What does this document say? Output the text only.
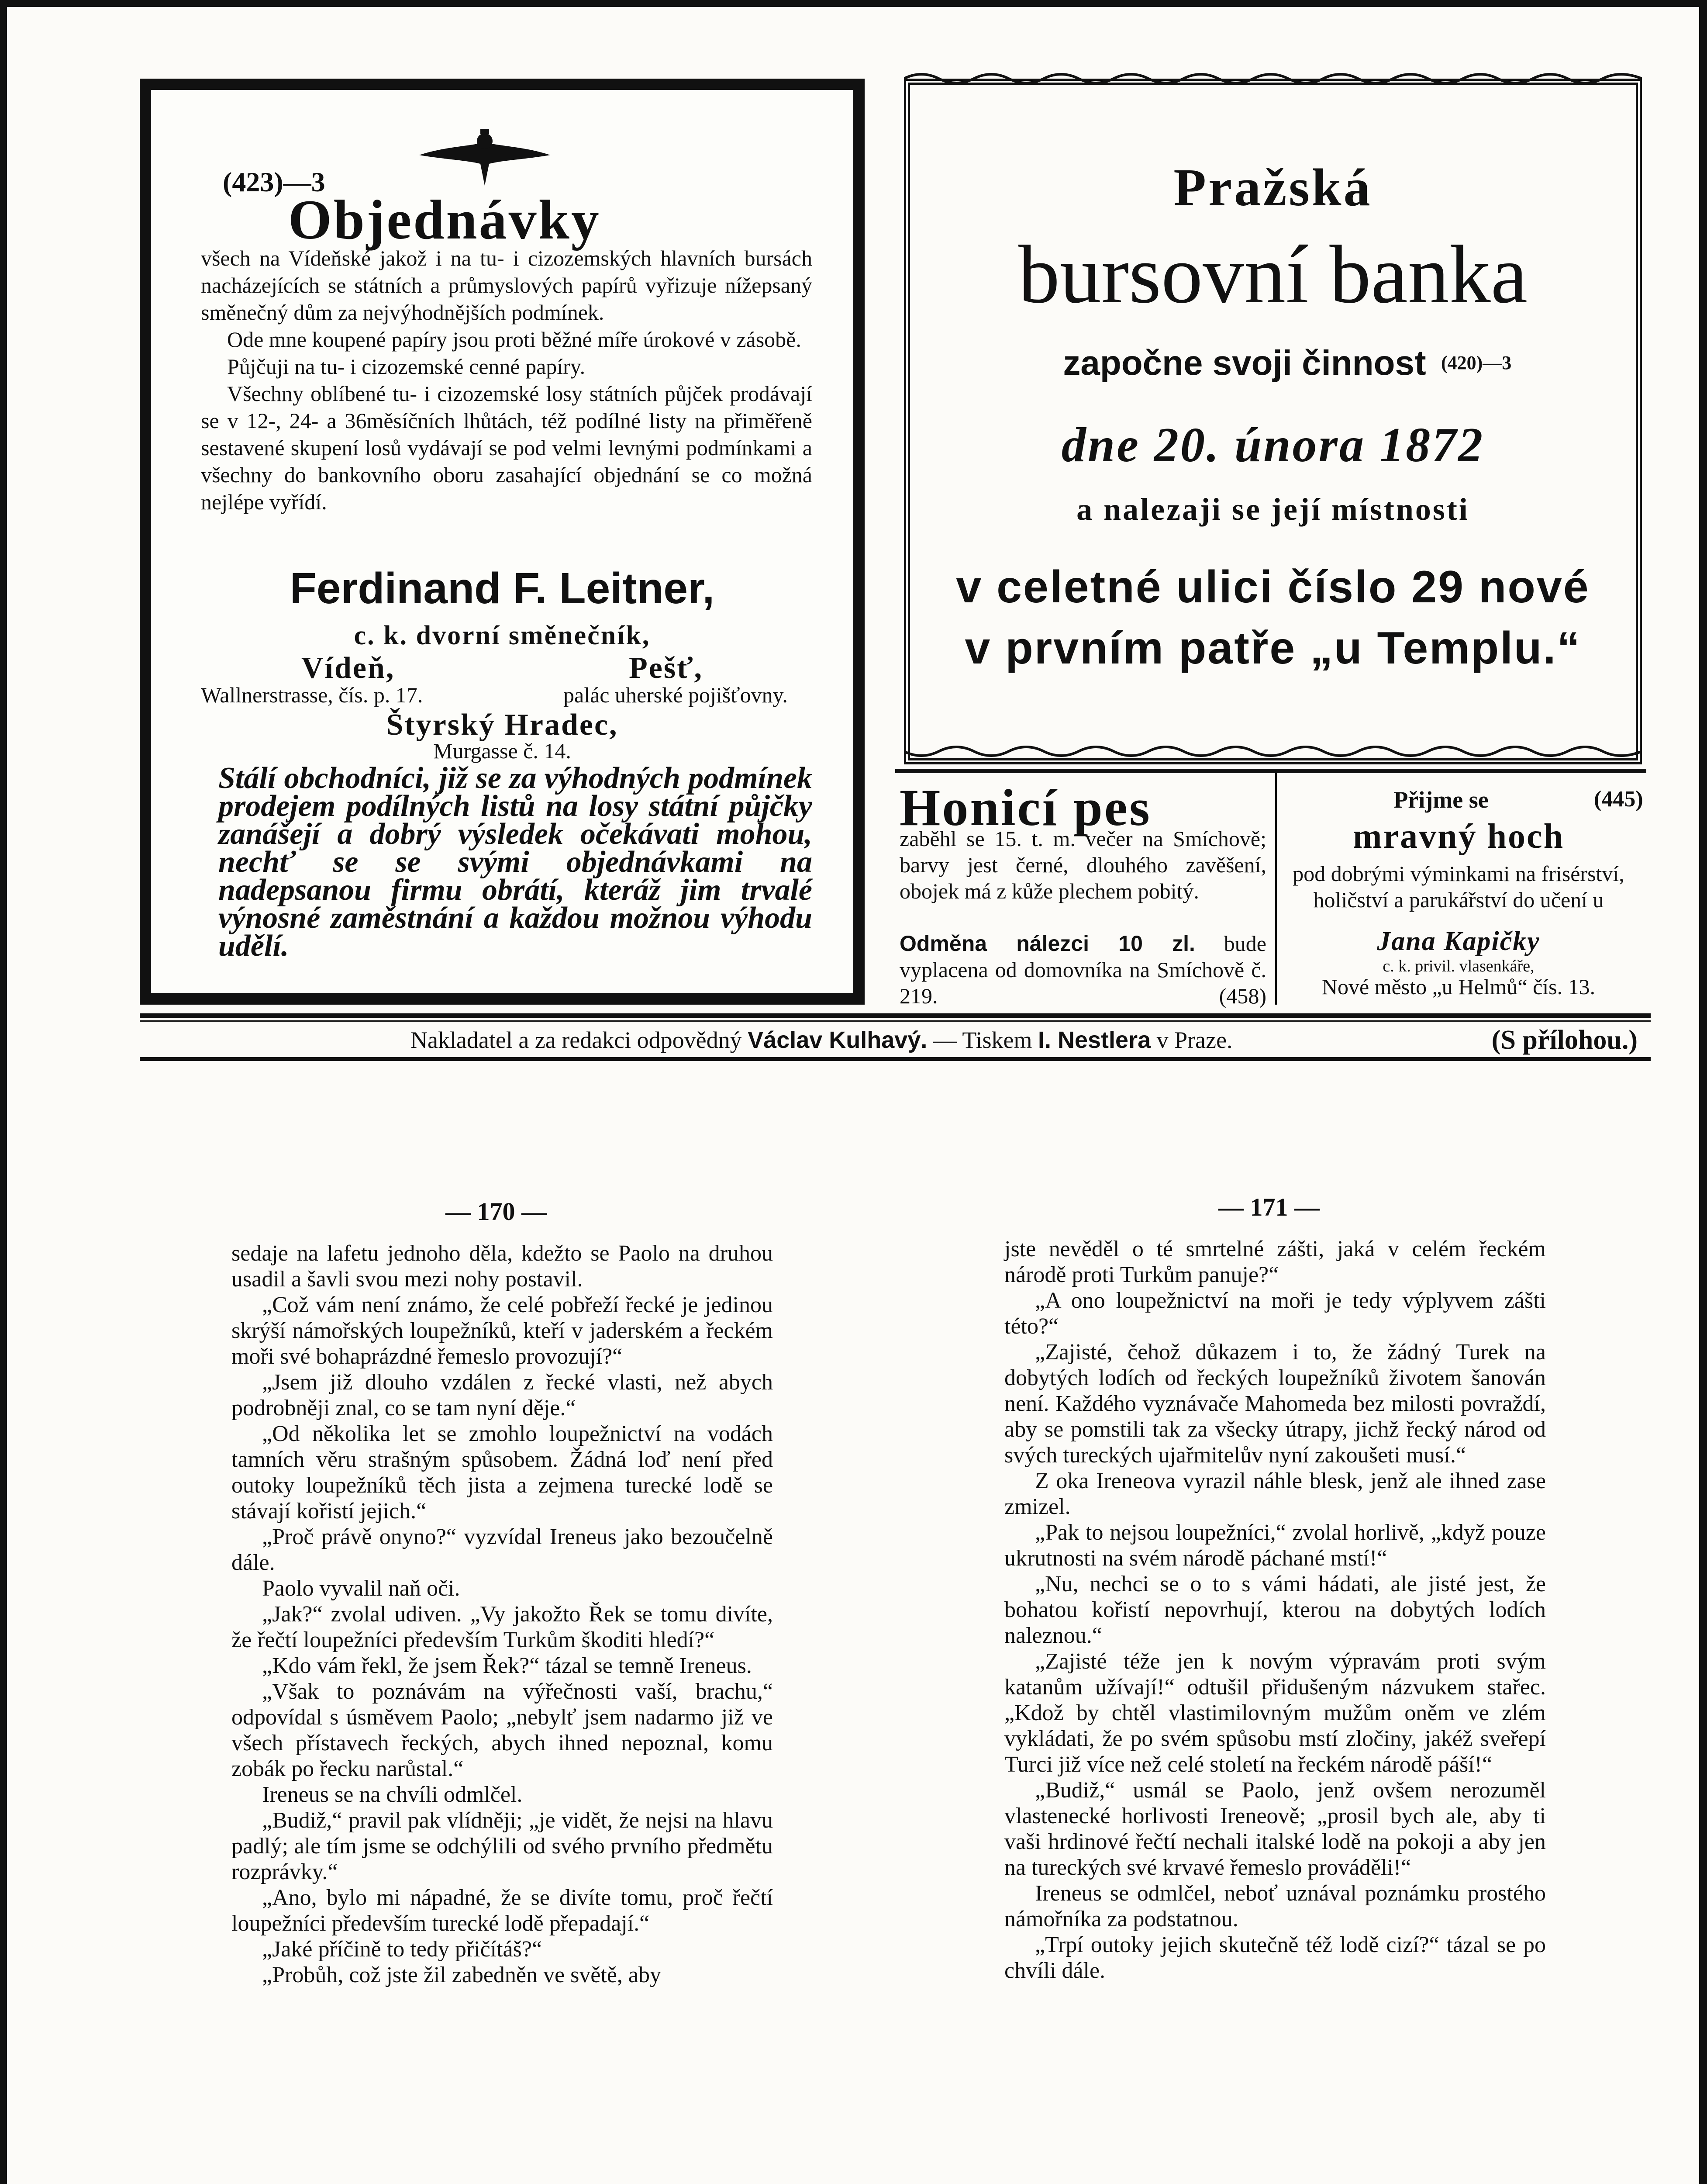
(423)—3
Objednávky

všech na Vídeňské jakož i na tu- i cizozemských hlavních bursách nacházejících se státních a průmyslových papírů vyřizuje nížepsaný směnečný dům za nejvýhodnějších podmínek.

Ode mne koupené papíry jsou proti běžné míře úrokové v zásobě.

Půjčuji na tu- i cizozemské cenné papíry.

Všechny oblíbené tu- i cizozemské losy státních půjček prodávají se v 12-, 24- a 36měsíčních lhůtách, též podílné listy na přiměřeně sestavené skupení losů vydávají se pod velmi levnými podmínkami a všechny do bankovního oboru zasahající objednání se co možná nejlépe vyřídí.

Ferdinand F. Leitner,
c. k. dvorní směnečník,
Vídeň,	Pešť,
Wallnerstrasse, čís. p. 17.	palác uherské pojišťovny.
Štyrský Hradec,
Murgasse č. 14.
Stálí obchodníci, již se za výhodných podmínek prodejem podílných listů na losy státní půjčky zanášejí a dobrý výsledek očekávati mohou, nechť se se svými objednávkami na nadepsanou firmu obrátí, kteráž jim trvalé výnosné zaměstnání a každou možnou výhodu udělí.
Pražská
bursovní banka
započne svoji činnost (420)—3
dne 20. února 1872
a nalezaji se její místnosti
v celetné ulici číslo 29 nové
v prvním patře „u Templu.“
Honicí pes
zaběhl se 15. t. m. večer na Smíchově; barvy jest černé, dlouhého zavěšení, obojek má z kůže plechem pobitý.
Odměna nálezci 10 zl. bude vyplacena od domovníka na Smíchově č. 219.	(458)
Přijme se	(445)
mravný hoch
pod dobrými výminkami na frisérství, holičství a parukářství do učení u
Jana Kapičky
c. k. privil. vlasenkáře,
Nové město „u Helmů“ čís. 13.
Nakladatel a za redakci odpovědný Václav Kulhavý. — Tiskem I. Nestlera v Praze.	(S přílohou.)
— 170 —

sedaje na lafetu jednoho děla, kdežto se Paolo na druhou usadil a šavli svou mezi nohy postavil.

„Což vám není známo, že celé pobřeží řecké je jedinou skrýší námořských loupežníků, kteří v jaderském a řeckém moři své bohaprázdné řemeslo provozují?“

„Jsem již dlouho vzdálen z řecké vlasti, než abych podrobněji znal, co se tam nyní děje.“

„Od několika let se zmohlo loupežnictví na vodách tamních věru strašným spůsobem. Žádná loď není před outoky loupežníků těch jista a zejmena turecké lodě se stávají kořistí jejich.“

„Proč právě onyno?“ vyzvídal Ireneus jako bezoučelně dále.

Paolo vyvalil naň oči.

„Jak?“ zvolal udiven. „Vy jakožto Řek se tomu divíte, že řečtí loupežníci především Turkům škoditi hledí?“

„Kdo vám řekl, že jsem Řek?“ tázal se temně Ireneus.

„Však to poznávám na výřečnosti vaší, brachu,“ odpovídal s úsměvem Paolo; „nebylť jsem nadarmo již ve všech přístavech řeckých, abych ihned nepoznal, komu zobák po řecku narůstal.“

Ireneus se na chvíli odmlčel.

„Budiž,“ pravil pak vlídněji; „je vidět, že nejsi na hlavu padlý; ale tím jsme se odchýlili od svého prvního předmětu rozprávky.“

„Ano, bylo mi nápadné, že se divíte tomu, proč řečtí loupežníci především turecké lodě přepadají.“

„Jaké příčině to tedy přičítáš?“

„Probůh, což jste žil zabedněn ve světě, aby

— 171 —

jste nevěděl o té smrtelné zášti, jaká v celém řeckém národě proti Turkům panuje?“

„A ono loupežnictví na moři je tedy výplyvem zášti této?“

„Zajisté, čehož důkazem i to, že žádný Turek na dobytých lodích od řeckých loupežníků životem šanován není. Každého vyznávače Mahomeda bez milosti povraždí, aby se pomstili tak za všecky útrapy, jichž řecký národ od svých tureckých ujařmitelův nyní zakoušeti musí.“

Z oka Ireneova vyrazil náhle blesk, jenž ale ihned zase zmizel.

„Pak to nejsou loupežníci,“ zvolal horlivě, „když pouze ukrutnosti na svém národě páchané mstí!“

„Nu, nechci se o to s vámi hádati, ale jisté jest, že bohatou kořistí nepovrhují, kterou na dobytých lodích naleznou.“

„Zajisté téže jen k novým výpravám proti svým katanům užívají!“ odtušil přidušeným názvukem stařec. „Kdož by chtěl vlastimilovným mužům oněm ve zlém vykládati, že po svém spůsobu mstí zločiny, jakéž sveřepí Turci již více než celé století na řeckém národě páší!“

„Budiž,“ usmál se Paolo, jenž ovšem nerozuměl vlastenecké horlivosti Ireneově; „prosil bych ale, aby ti vaši hrdinové řečtí nechali italské lodě na pokoji a aby jen na tureckých své krvavé řemeslo prováděli!“

Ireneus se odmlčel, neboť uznával poznámku prostého námořníka za podstatnou.

„Trpí outoky jejich skutečně též lodě cizí?“ tázal se po chvíli dále.
